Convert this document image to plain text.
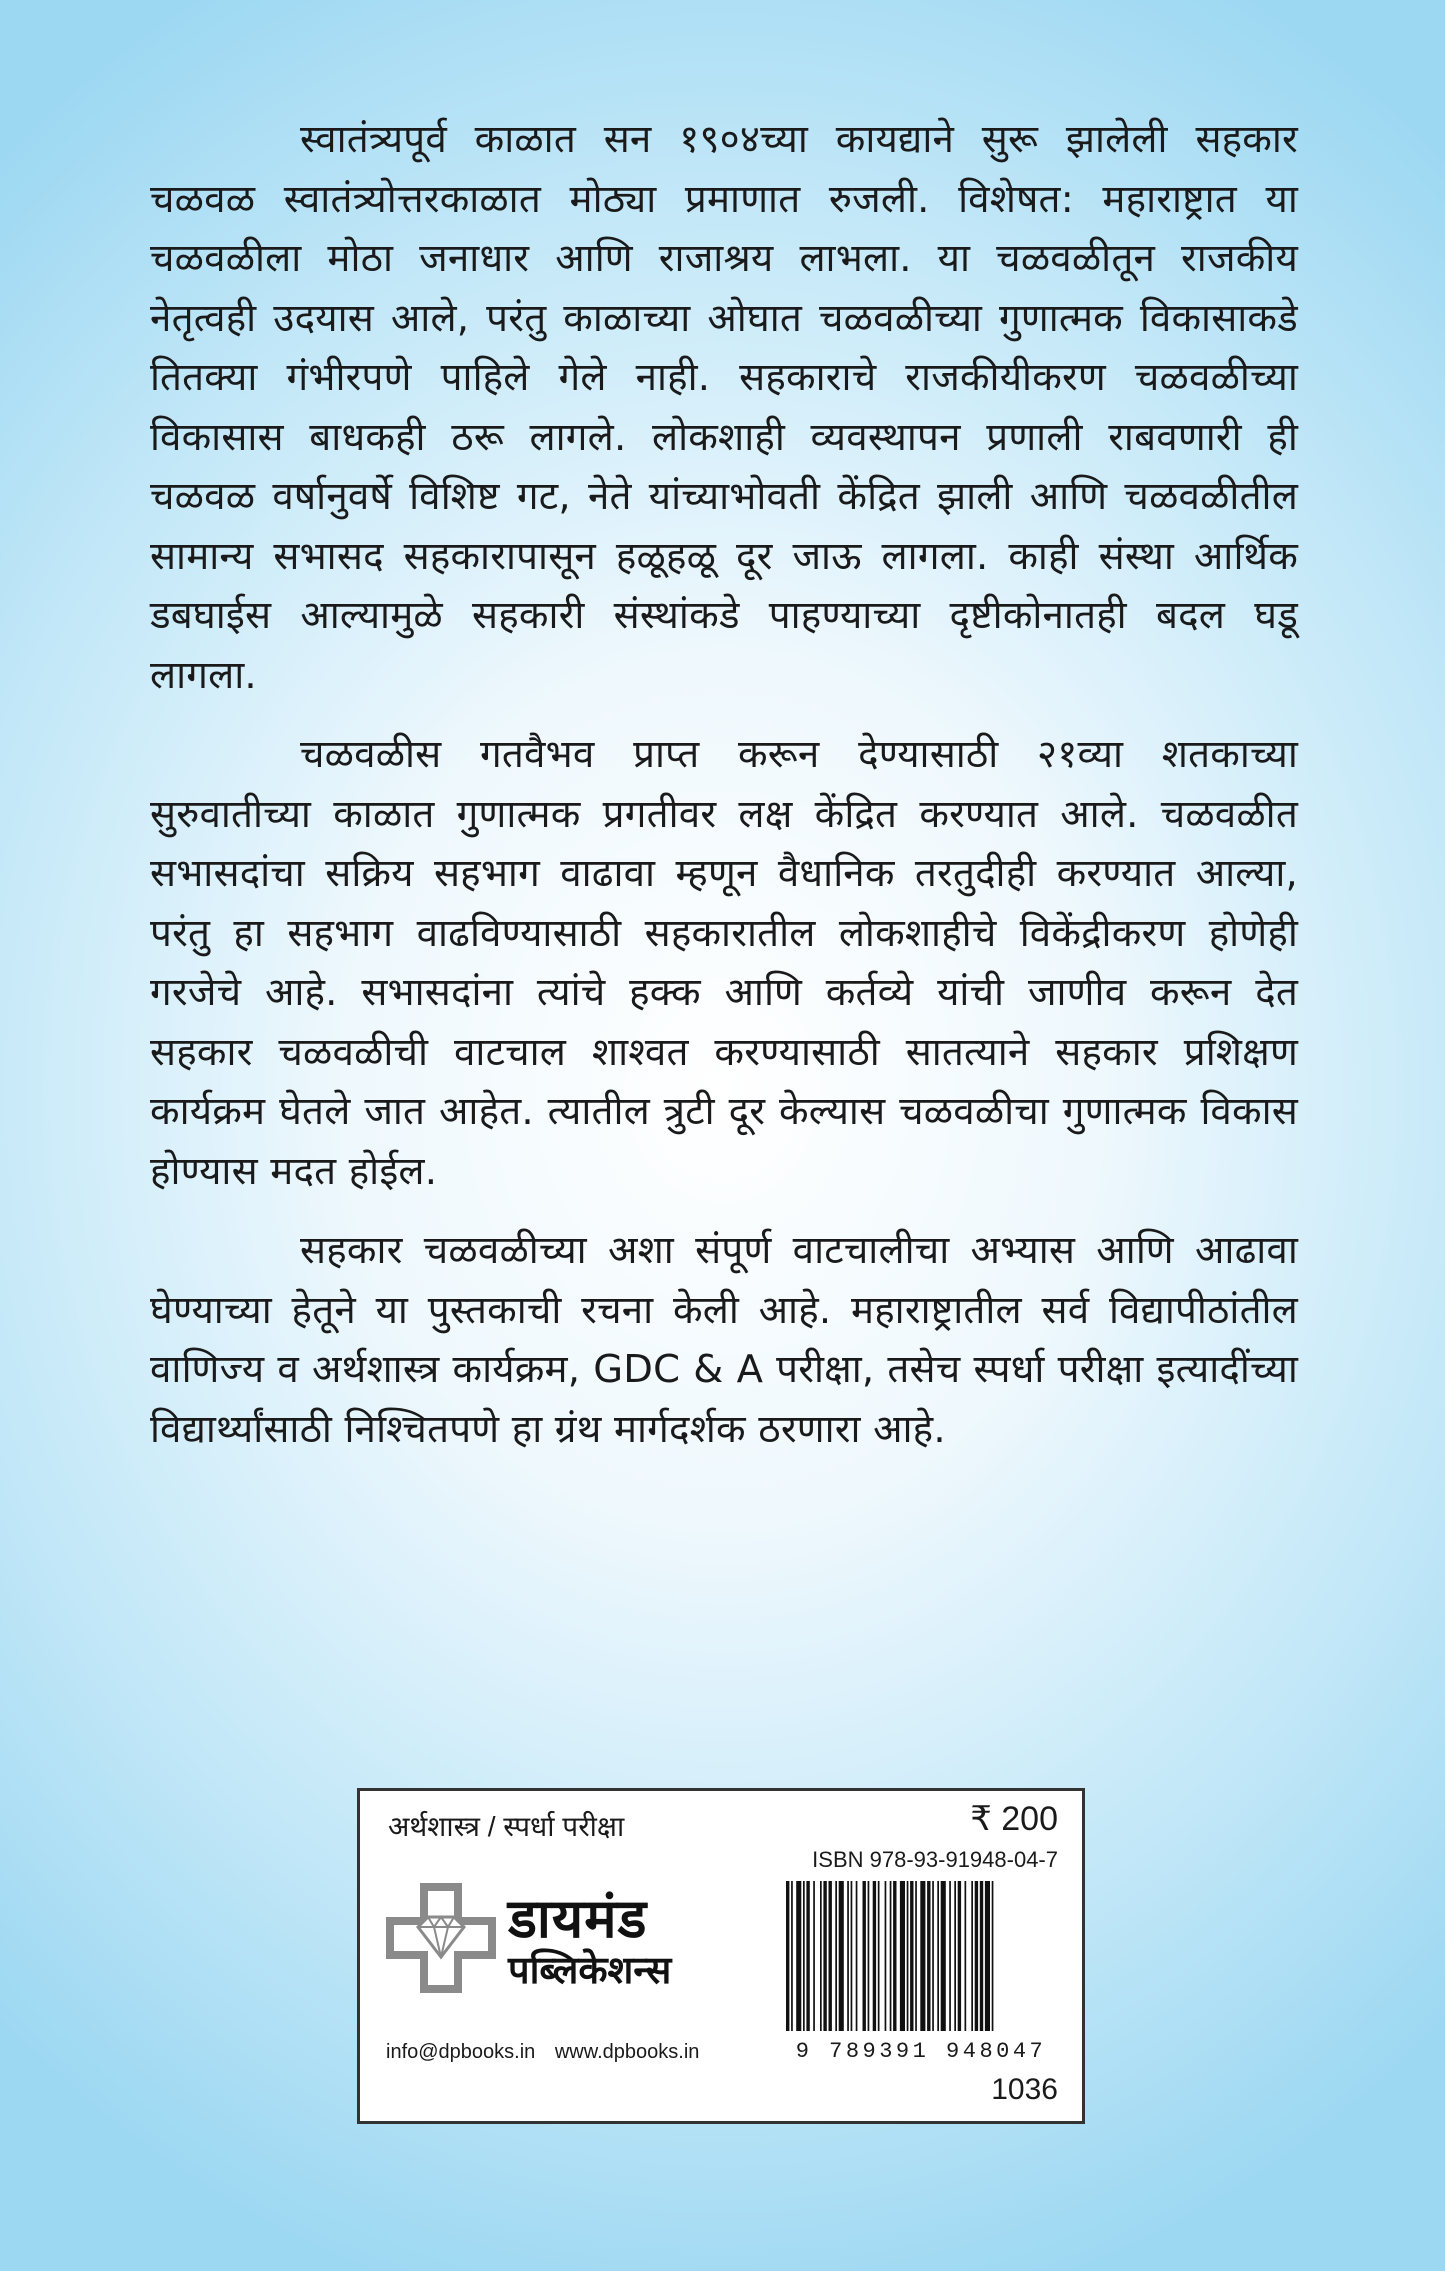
स्वातंत्र्यपूर्व काळात सन १९०४च्या कायद्याने सुरू झालेली सहकार चळवळ स्वातंत्र्योत्तरकाळात मोठ्या प्रमाणात रुजली. विशेषत: महाराष्ट्रात या चळवळीला मोठा जनाधार आणि राजाश्रय लाभला. या चळवळीतून राजकीय नेतृत्वही उदयास आले, परंतु काळाच्या ओघात चळवळीच्या गुणात्मक विकासाकडे तितक्या गंभीरपणे पाहिले गेले नाही. सहकाराचे राजकीयीकरण चळवळीच्या विकासास बाधकही ठरू लागले. लोकशाही व्यवस्थापन प्रणाली राबवणारी ही चळवळ वर्षानुवर्षे विशिष्ट गट, नेते यांच्याभोवती केंद्रित झाली आणि चळवळीतील सामान्य सभासद सहकारापासून हळूहळू दूर जाऊ लागला. काही संस्था आर्थिक डबघाईस आल्यामुळे सहकारी संस्थांकडे पाहण्याच्या दृष्टीकोनातही बदल घडू लागला.

चळवळीस गतवैभव प्राप्त करून देण्यासाठी २१व्या शतकाच्या सुरुवातीच्या काळात गुणात्मक प्रगतीवर लक्ष केंद्रित करण्यात आले. चळवळीत सभासदांचा सक्रिय सहभाग वाढावा म्हणून वैधानिक तरतुदीही करण्यात आल्या, परंतु हा सहभाग वाढविण्यासाठी सहकारातील लोकशाहीचे विकेंद्रीकरण होणेही गरजेचे आहे. सभासदांना त्यांचे हक्क आणि कर्तव्ये यांची जाणीव करून देत सहकार चळवळीची वाटचाल शाश्वत करण्यासाठी सातत्याने सहकार प्रशिक्षण कार्यक्रम घेतले जात आहेत. त्यातील त्रुटी दूर केल्यास चळवळीचा गुणात्मक विकास होण्यास मदत होईल.

सहकार चळवळीच्या अशा संपूर्ण वाटचालीचा अभ्यास आणि आढावा घेण्याच्या हेतूने या पुस्तकाची रचना केली आहे. महाराष्ट्रातील सर्व विद्यापीठांतील वाणिज्य व अर्थशास्त्र कार्यक्रम, GDC & A परीक्षा, तसेच स्पर्धा परीक्षा इत्यादींच्या विद्यार्थ्यांसाठी निश्चितपणे हा ग्रंथ मार्गदर्शक ठरणारा आहे.

अर्थशास्त्र / स्पर्धा परीक्षा	₹ 200
ISBN 978-93-91948-04-7
डायमंड
पब्लिकेशन्स
info@dpbooks.in www.dpbooks.in	9 789391 948047
1036
